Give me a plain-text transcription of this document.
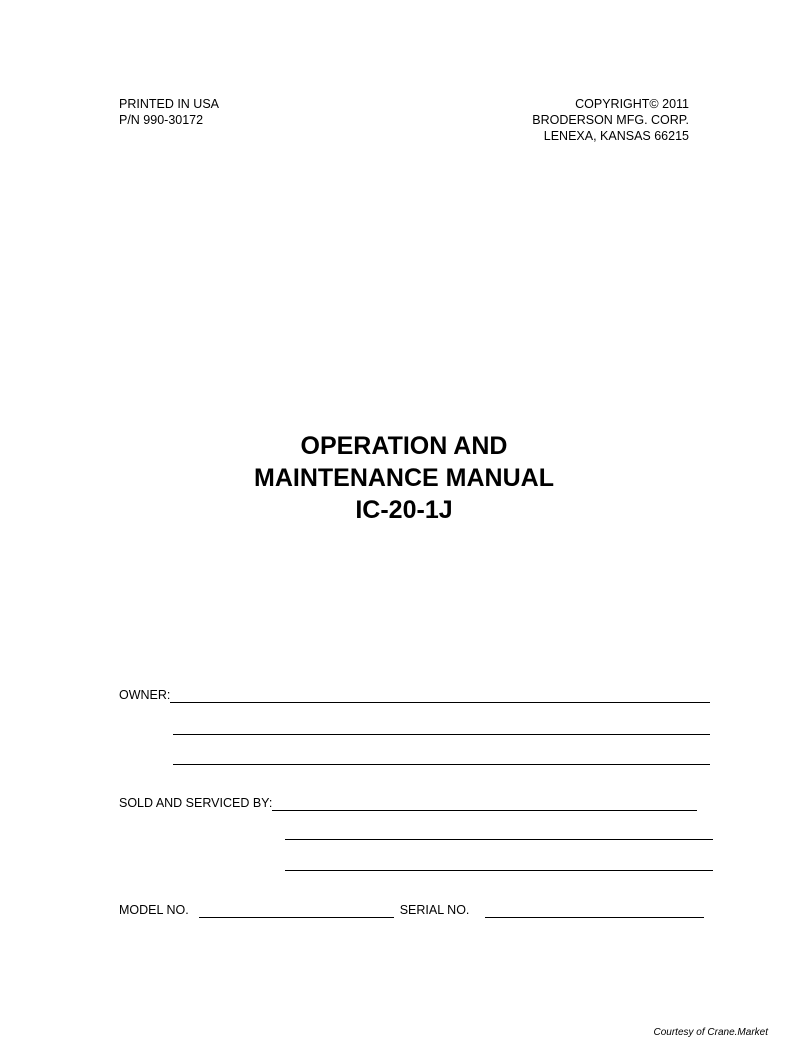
PRINTED IN USA
P/N 990-30172
COPYRIGHT© 2011
BRODERSON MFG. CORP.
LENEXA, KANSAS 66215
OPERATION AND
MAINTENANCE MANUAL
IC-20-1J
OWNER:
SOLD AND SERVICED BY:
MODEL NO.	SERIAL NO.
Courtesy of Crane.Market
